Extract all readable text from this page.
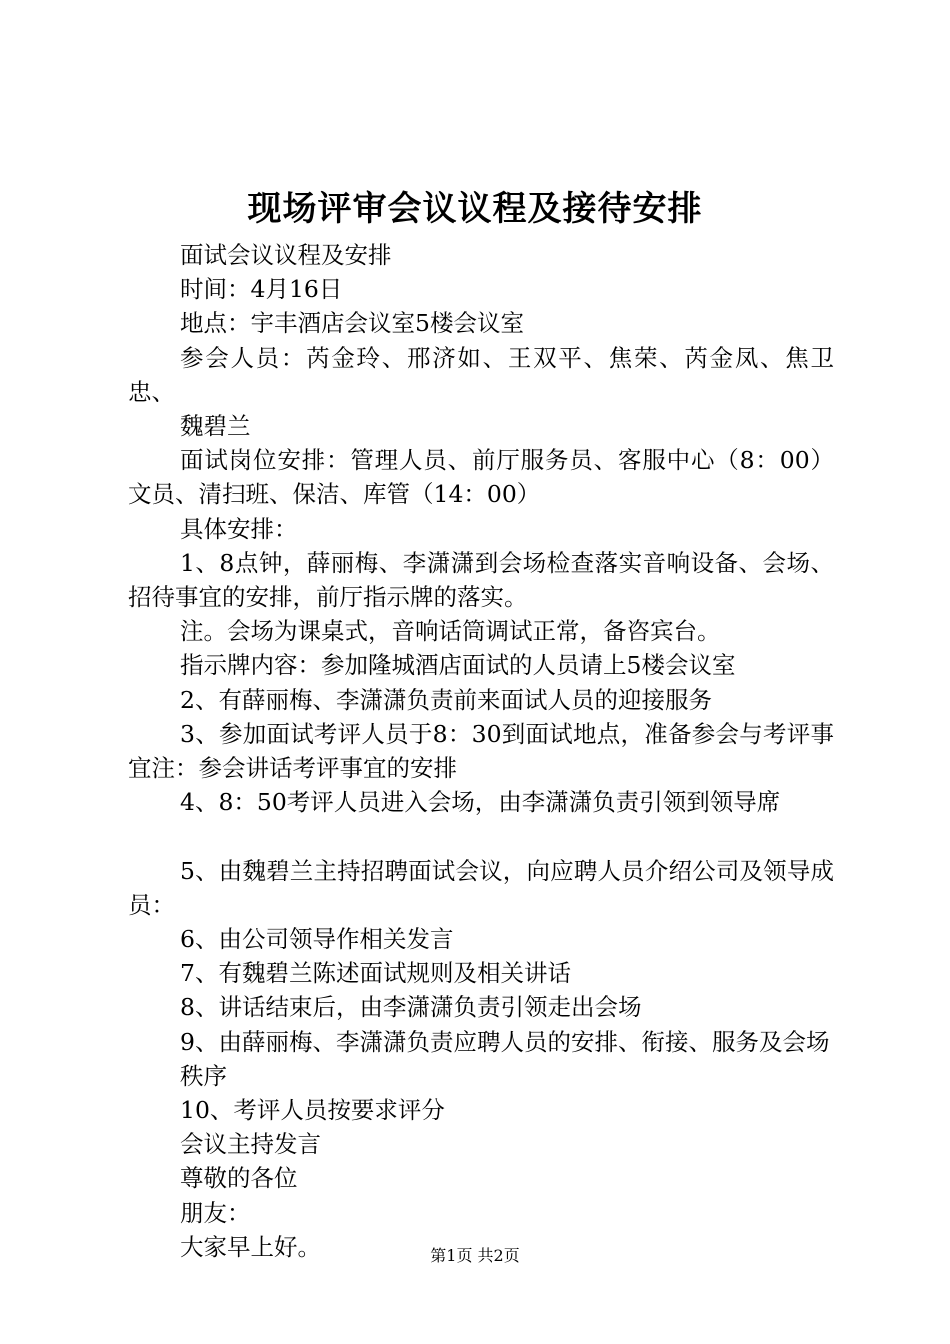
现场评审会议议程及接待安排

面试会议议程及安排

时间：4月16日

地点：宇丰酒店会议室5楼会议室

参会人员：芮金玲、邢济如、王双平、焦荣、芮金凤、焦卫忠、

魏碧兰

面试岗位安排：管理人员、前厅服务员、客服中心（8：00）文员、清扫班、保洁、库管（14：00）

具体安排：

1、8点钟，薛丽梅、李潇潇到会场检查落实音响设备、会场、招待事宜的安排，前厅指示牌的落实。

注。会场为课桌式，音响话筒调试正常，备咨宾台。

指示牌内容：参加隆城酒店面试的人员请上5楼会议室

2、有薛丽梅、李潇潇负责前来面试人员的迎接服务

3、参加面试考评人员于8：30到面试地点，准备参会与考评事宜注：参会讲话考评事宜的安排

4、8：50考评人员进入会场，由李潇潇负责引领到领导席

5、由魏碧兰主持招聘面试会议，向应聘人员介绍公司及领导成员：

6、由公司领导作相关发言

7、有魏碧兰陈述面试规则及相关讲话

8、讲话结束后，由李潇潇负责引领走出会场

9、由薛丽梅、李潇潇负责应聘人员的安排、衔接、服务及会场

秩序

10、考评人员按要求评分

会议主持发言

尊敬的各位

朋友：

大家早上好。	第1页 共2页
